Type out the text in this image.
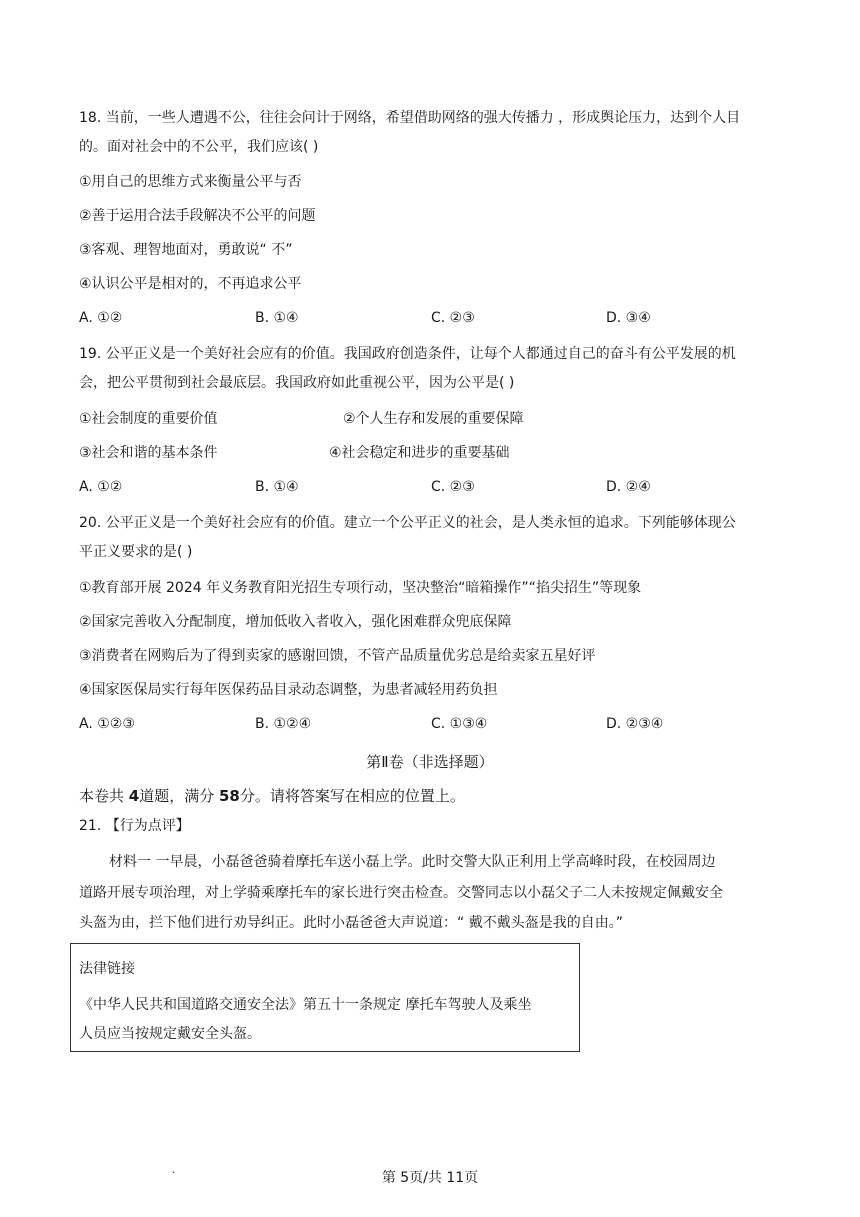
18. 当前，一些人遭遇不公，往往会问计于网络，希望借助网络的强大传播力 ，形成舆论压力，达到个人目
的。面对社会中的不公平，我们应该( )
①用自己的思维方式来衡量公平与否
②善于运用合法手段解决不公平的问题
③客观、理智地面对，勇敢说“ 不”
④认识公平是相对的，不再追求公平
A. ①②	B. ①④	C. ②③	D. ③④
19. 公平正义是一个美好社会应有的价值。我国政府创造条件，让每个人都通过自己的奋斗有公平发展的机
会，把公平贯彻到社会最底层。我国政府如此重视公平，因为公平是( )
①社会制度的重要价值	②个人生存和发展的重要保障
③社会和谐的基本条件	④社会稳定和进步的重要基础
A. ①②	B. ①④	C. ②③	D. ②④
20. 公平正义是一个美好社会应有的价值。建立一个公平正义的社会，是人类永恒的追求。下列能够体现公
平正义要求的是( )
①教育部开展 2024 年义务教育阳光招生专项行动，坚决整治“暗箱操作”“掐尖招生”等现象
②国家完善收入分配制度，增加低收入者收入，强化困难群众兜底保障
③消费者在网购后为了得到卖家的感谢回馈，不管产品质量优劣总是给卖家五星好评
④国家医保局实行每年医保药品目录动态调整，为患者减轻用药负担
A. ①②③	B. ①②④	C. ①③④	D. ②③④
第Ⅱ卷（非选择题）
本卷共 4道题，满分 58分。请将答案写在相应的位置上。
21. 【行为点评】
材料一 一早晨，小磊爸爸骑着摩托车送小磊上学。此时交警大队正利用上学高峰时段，在校园周边
道路开展专项治理，对上学骑乘摩托车的家长进行突击检查。交警同志以小磊父子二人未按规定佩戴安全
头盔为由，拦下他们进行劝导纠正。此时小磊爸爸大声说道：“ 戴不戴头盔是我的自由。”
法律链接
《中华人民共和国道路交通安全法》第五十一条规定 摩托车驾驶人及乘坐
人员应当按规定戴安全头盔。
.	第 5页/共 11页
